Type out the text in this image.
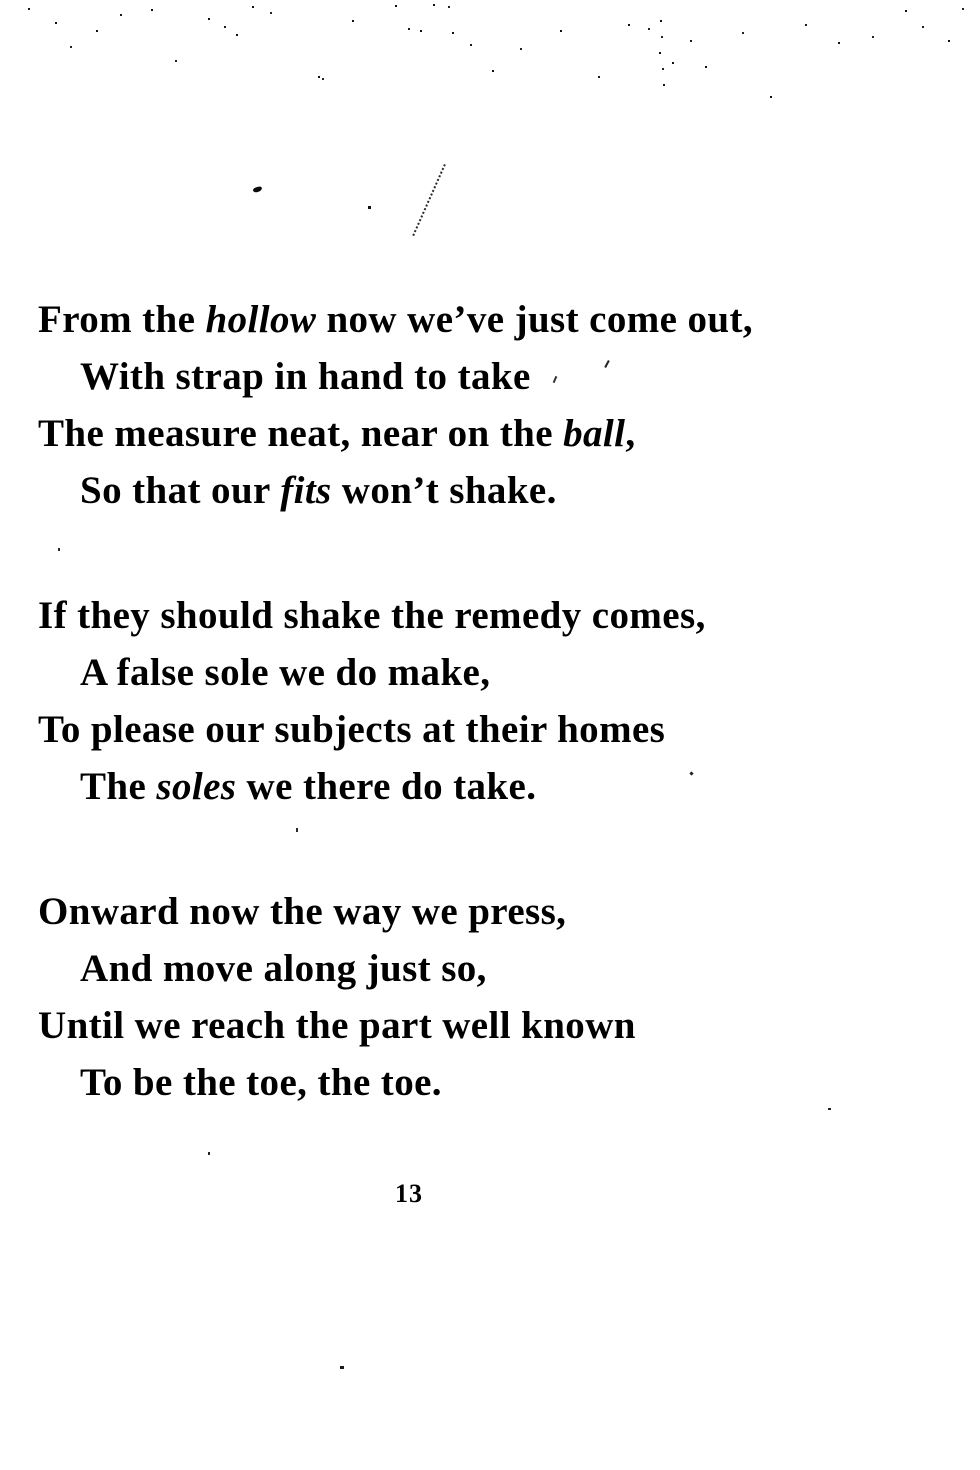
From the hollow now we’ve just come out,
With strap in hand to take
The measure neat, near on the ball,
So that our fits won’t shake.
If they should shake the remedy comes,
A false sole we do make,
To please our subjects at their homes
The soles we there do take.
Onward now the way we press,
And move along just so,
Until we reach the part well known
To be the toe, the toe.
13
